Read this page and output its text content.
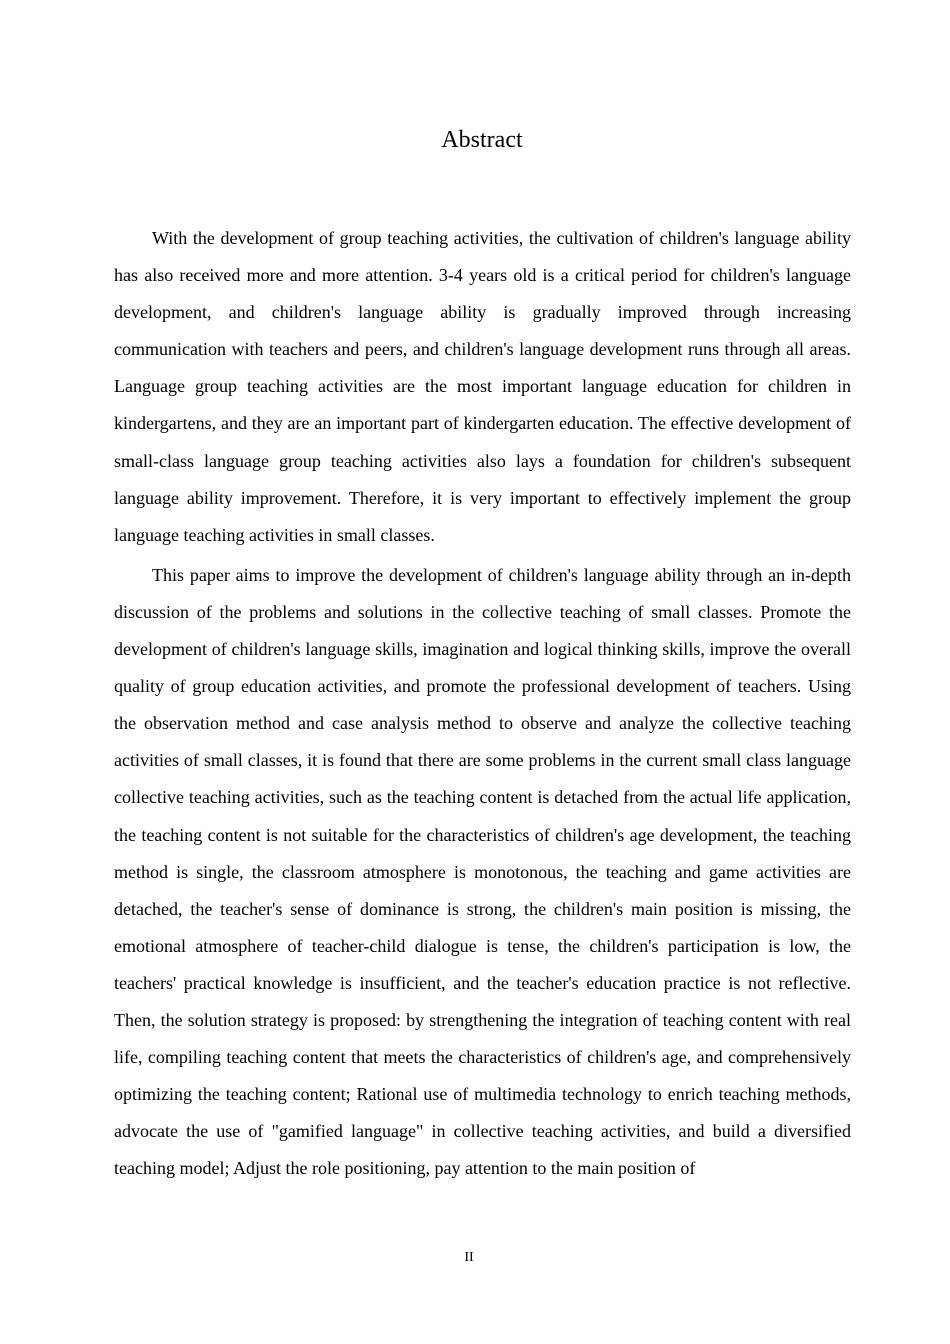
Abstract

With the development of group teaching activities, the cultivation of children's language ability has also received more and more attention. 3-4 years old is a critical period for children's language development, and children's language ability is gradually improved through increasing communication with teachers and peers, and children's language development runs through all areas. Language group teaching activities are the most important language education for children in kindergartens, and they are an important part of kindergarten education. The effective development of small-class language group teaching activities also lays a foundation for children's subsequent language ability improvement. Therefore, it is very important to effectively implement the group language teaching activities in small classes.

This paper aims to improve the development of children's language ability through an in-depth discussion of the problems and solutions in the collective teaching of small classes. Promote the development of children's language skills, imagination and logical thinking skills, improve the overall quality of group education activities, and promote the professional development of teachers. Using the observation method and case analysis method to observe and analyze the collective teaching activities of small classes, it is found that there are some problems in the current small class language collective teaching activities, such as the teaching content is detached from the actual life application, the teaching content is not suitable for the characteristics of children's age development, the teaching method is single, the classroom atmosphere is monotonous, the teaching and game activities are detached, the teacher's sense of dominance is strong, the children's main position is missing, the emotional atmosphere of teacher-child dialogue is tense, the children's participation is low, the teachers' practical knowledge is insufficient, and the teacher's education practice is not reflective. Then, the solution strategy is proposed: by strengthening the integration of teaching content with real life, compiling teaching content that meets the characteristics of children's age, and comprehensively optimizing the teaching content; Rational use of multimedia technology to enrich teaching methods, advocate the use of "gamified language" in collective teaching activities, and build a diversified teaching model; Adjust the role positioning, pay attention to the main position of

II
